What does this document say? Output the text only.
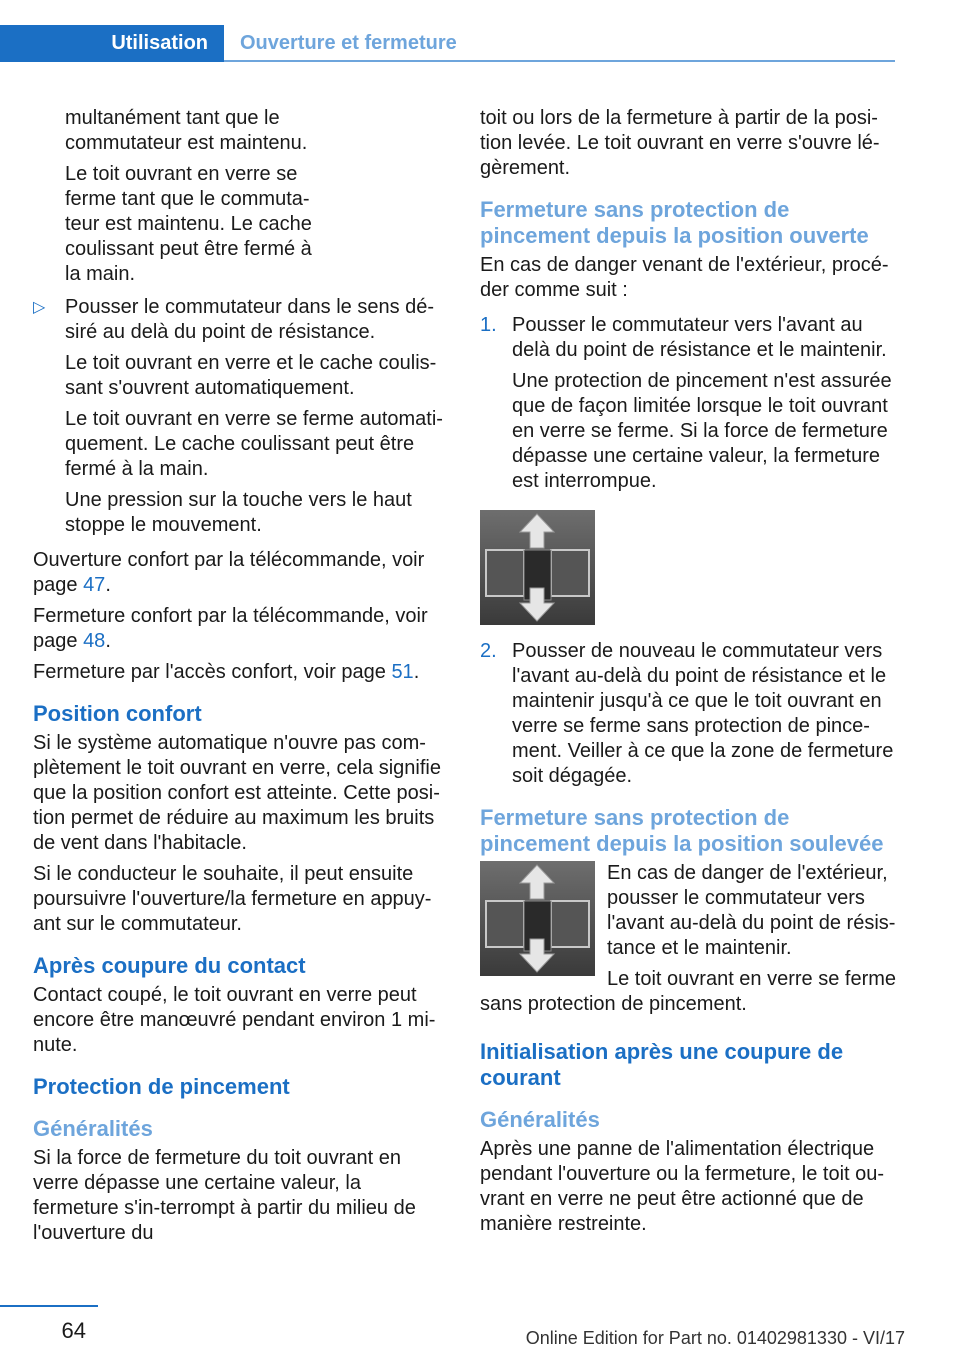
Utilisation	Ouverture et fermeture

multanément tant que le commutateur est maintenu.

Le toit ouvrant en verre se ferme tant que le commuta-teur est maintenu. Le cache coulissant peut être fermé à la main.

▷ Pousser le commutateur dans le sens dé-siré au delà du point de résistance.

Le toit ouvrant en verre et le cache coulis-sant s'ouvrent automatiquement.

Le toit ouvrant en verre se ferme automati-quement. Le cache coulissant peut être fermé à la main.

Une pression sur la touche vers le haut stoppe le mouvement.

Ouverture confort par la télécommande, voir page 47.

Fermeture confort par la télécommande, voir page 48.

Fermeture par l'accès confort, voir page 51.

Position confort

Si le système automatique n'ouvre pas com-plètement le toit ouvrant en verre, cela signifie que la position confort est atteinte. Cette posi-tion permet de réduire au maximum les bruits de vent dans l'habitacle.

Si le conducteur le souhaite, il peut ensuite poursuivre l'ouverture/la fermeture en appuy-ant sur le commutateur.

Après coupure du contact

Contact coupé, le toit ouvrant en verre peut encore être manœuvré pendant environ 1 mi-nute.

Protection de pincement
Généralités

Si la force de fermeture du toit ouvrant en verre dépasse une certaine valeur, la fermeture s'in-terrompt à partir du milieu de l'ouverture du

toit ou lors de la fermeture à partir de la posi-tion levée. Le toit ouvrant en verre s'ouvre lé-gèrement.

Fermeture sans protection de pincement depuis la position ouverte

En cas de danger venant de l'extérieur, procé-der comme suit :

1. Pousser le commutateur vers l'avant au delà du point de résistance et le maintenir.

Une protection de pincement n'est assurée que de façon limitée lorsque le toit ouvrant en verre se ferme. Si la force de fermeture dépasse une certaine valeur, la fermeture est interrompue.

2. Pousser de nouveau le commutateur vers l'avant au-delà du point de résistance et le maintenir jusqu'à ce que le toit ouvrant en verre se ferme sans protection de pince-ment. Veiller à ce que la zone de fermeture soit dégagée.

Fermeture sans protection de pincement depuis la position soulevée

En cas de danger de l'extérieur, pousser le commutateur vers l'avant au-delà du point de résis-tance et le maintenir.

Le toit ouvrant en verre se ferme sans protection de pincement.

Initialisation après une coupure de courant
Généralités

Après une panne de l'alimentation électrique pendant l'ouverture ou la fermeture, le toit ou-vrant en verre ne peut être actionné que de manière restreinte.

64	Online Edition for Part no. 01402981330 - VI/17
